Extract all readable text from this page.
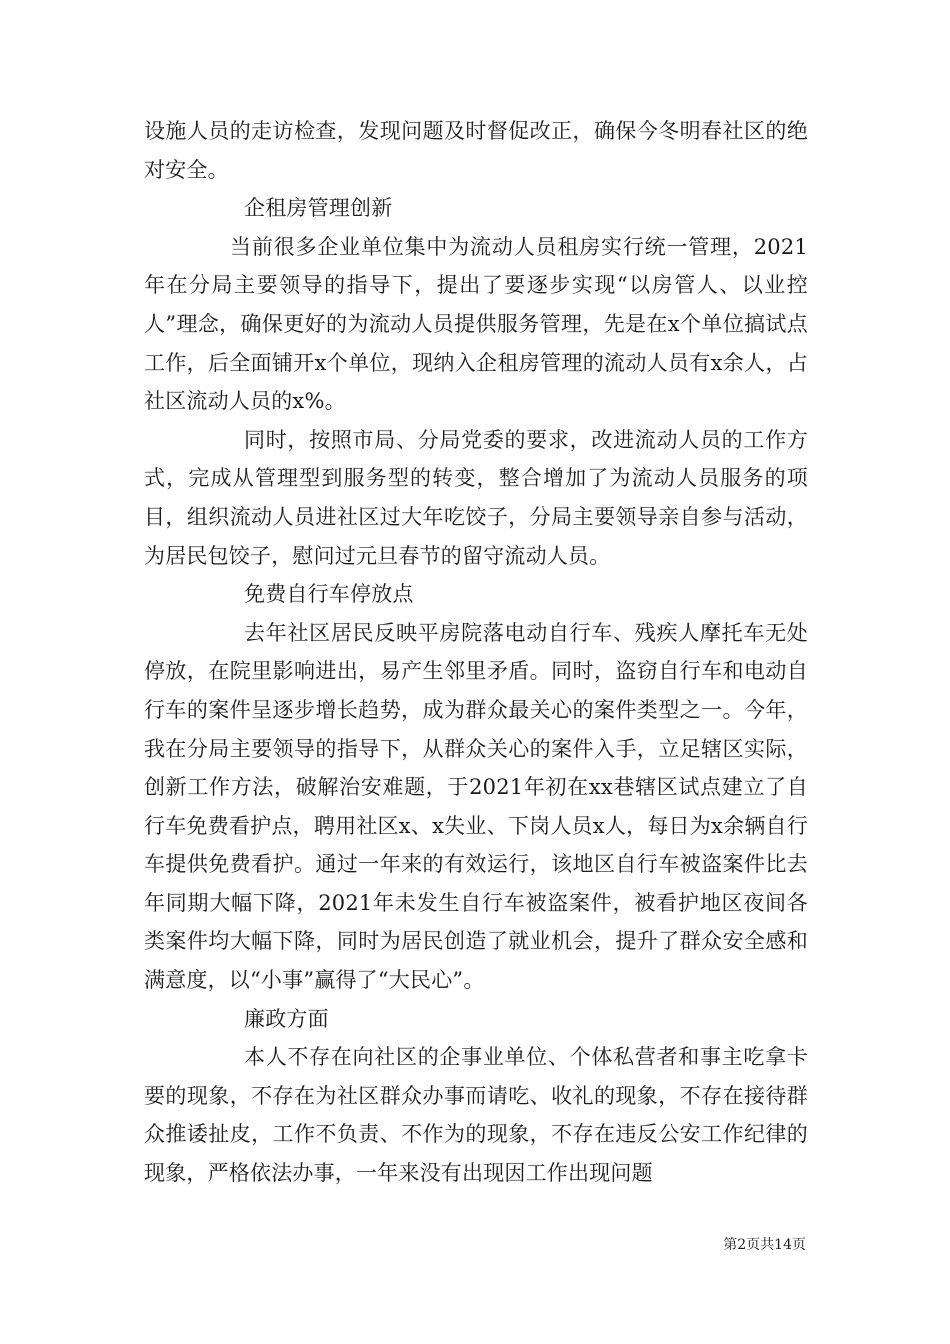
设施人员的走访检查，发现问题及时督促改正，确保今冬明春社区的绝对安全。

企租房管理创新

当前很多企业单位集中为流动人员租房实行统一管理，2021年在分局主要领导的指导下，提出了要逐步实现“以房管人、以业控人”理念，确保更好的为流动人员提供服务管理，先是在x个单位搞试点工作，后全面铺开x个单位，现纳入企租房管理的流动人员有x余人，占社区流动人员的x%。

同时，按照市局、分局党委的要求，改进流动人员的工作方式，完成从管理型到服务型的转变，整合增加了为流动人员服务的项目，组织流动人员进社区过大年吃饺子，分局主要领导亲自参与活动，为居民包饺子，慰问过元旦春节的留守流动人员。

免费自行车停放点

去年社区居民反映平房院落电动自行车、残疾人摩托车无处停放，在院里影响进出，易产生邻里矛盾。同时，盗窃自行车和电动自行车的案件呈逐步增长趋势，成为群众最关心的案件类型之一。今年，我在分局主要领导的指导下，从群众关心的案件入手，立足辖区实际，创新工作方法，破解治安难题，于2021年初在xx巷辖区试点建立了自行车免费看护点，聘用社区x、x失业、下岗人员x人，每日为x余辆自行车提供免费看护。通过一年来的有效运行，该地区自行车被盗案件比去年同期大幅下降，2021年未发生自行车被盗案件，被看护地区夜间各类案件均大幅下降，同时为居民创造了就业机会，提升了群众安全感和满意度，以“小事”赢得了“大民心”。

廉政方面

本人不存在向社区的企事业单位、个体私营者和事主吃拿卡要的现象，不存在为社区群众办事而请吃、收礼的现象，不存在接待群众推诿扯皮，工作不负责、不作为的现象，不存在违反公安工作纪律的现象，严格依法办事，一年来没有出现因工作出现问题

第2页共14页
